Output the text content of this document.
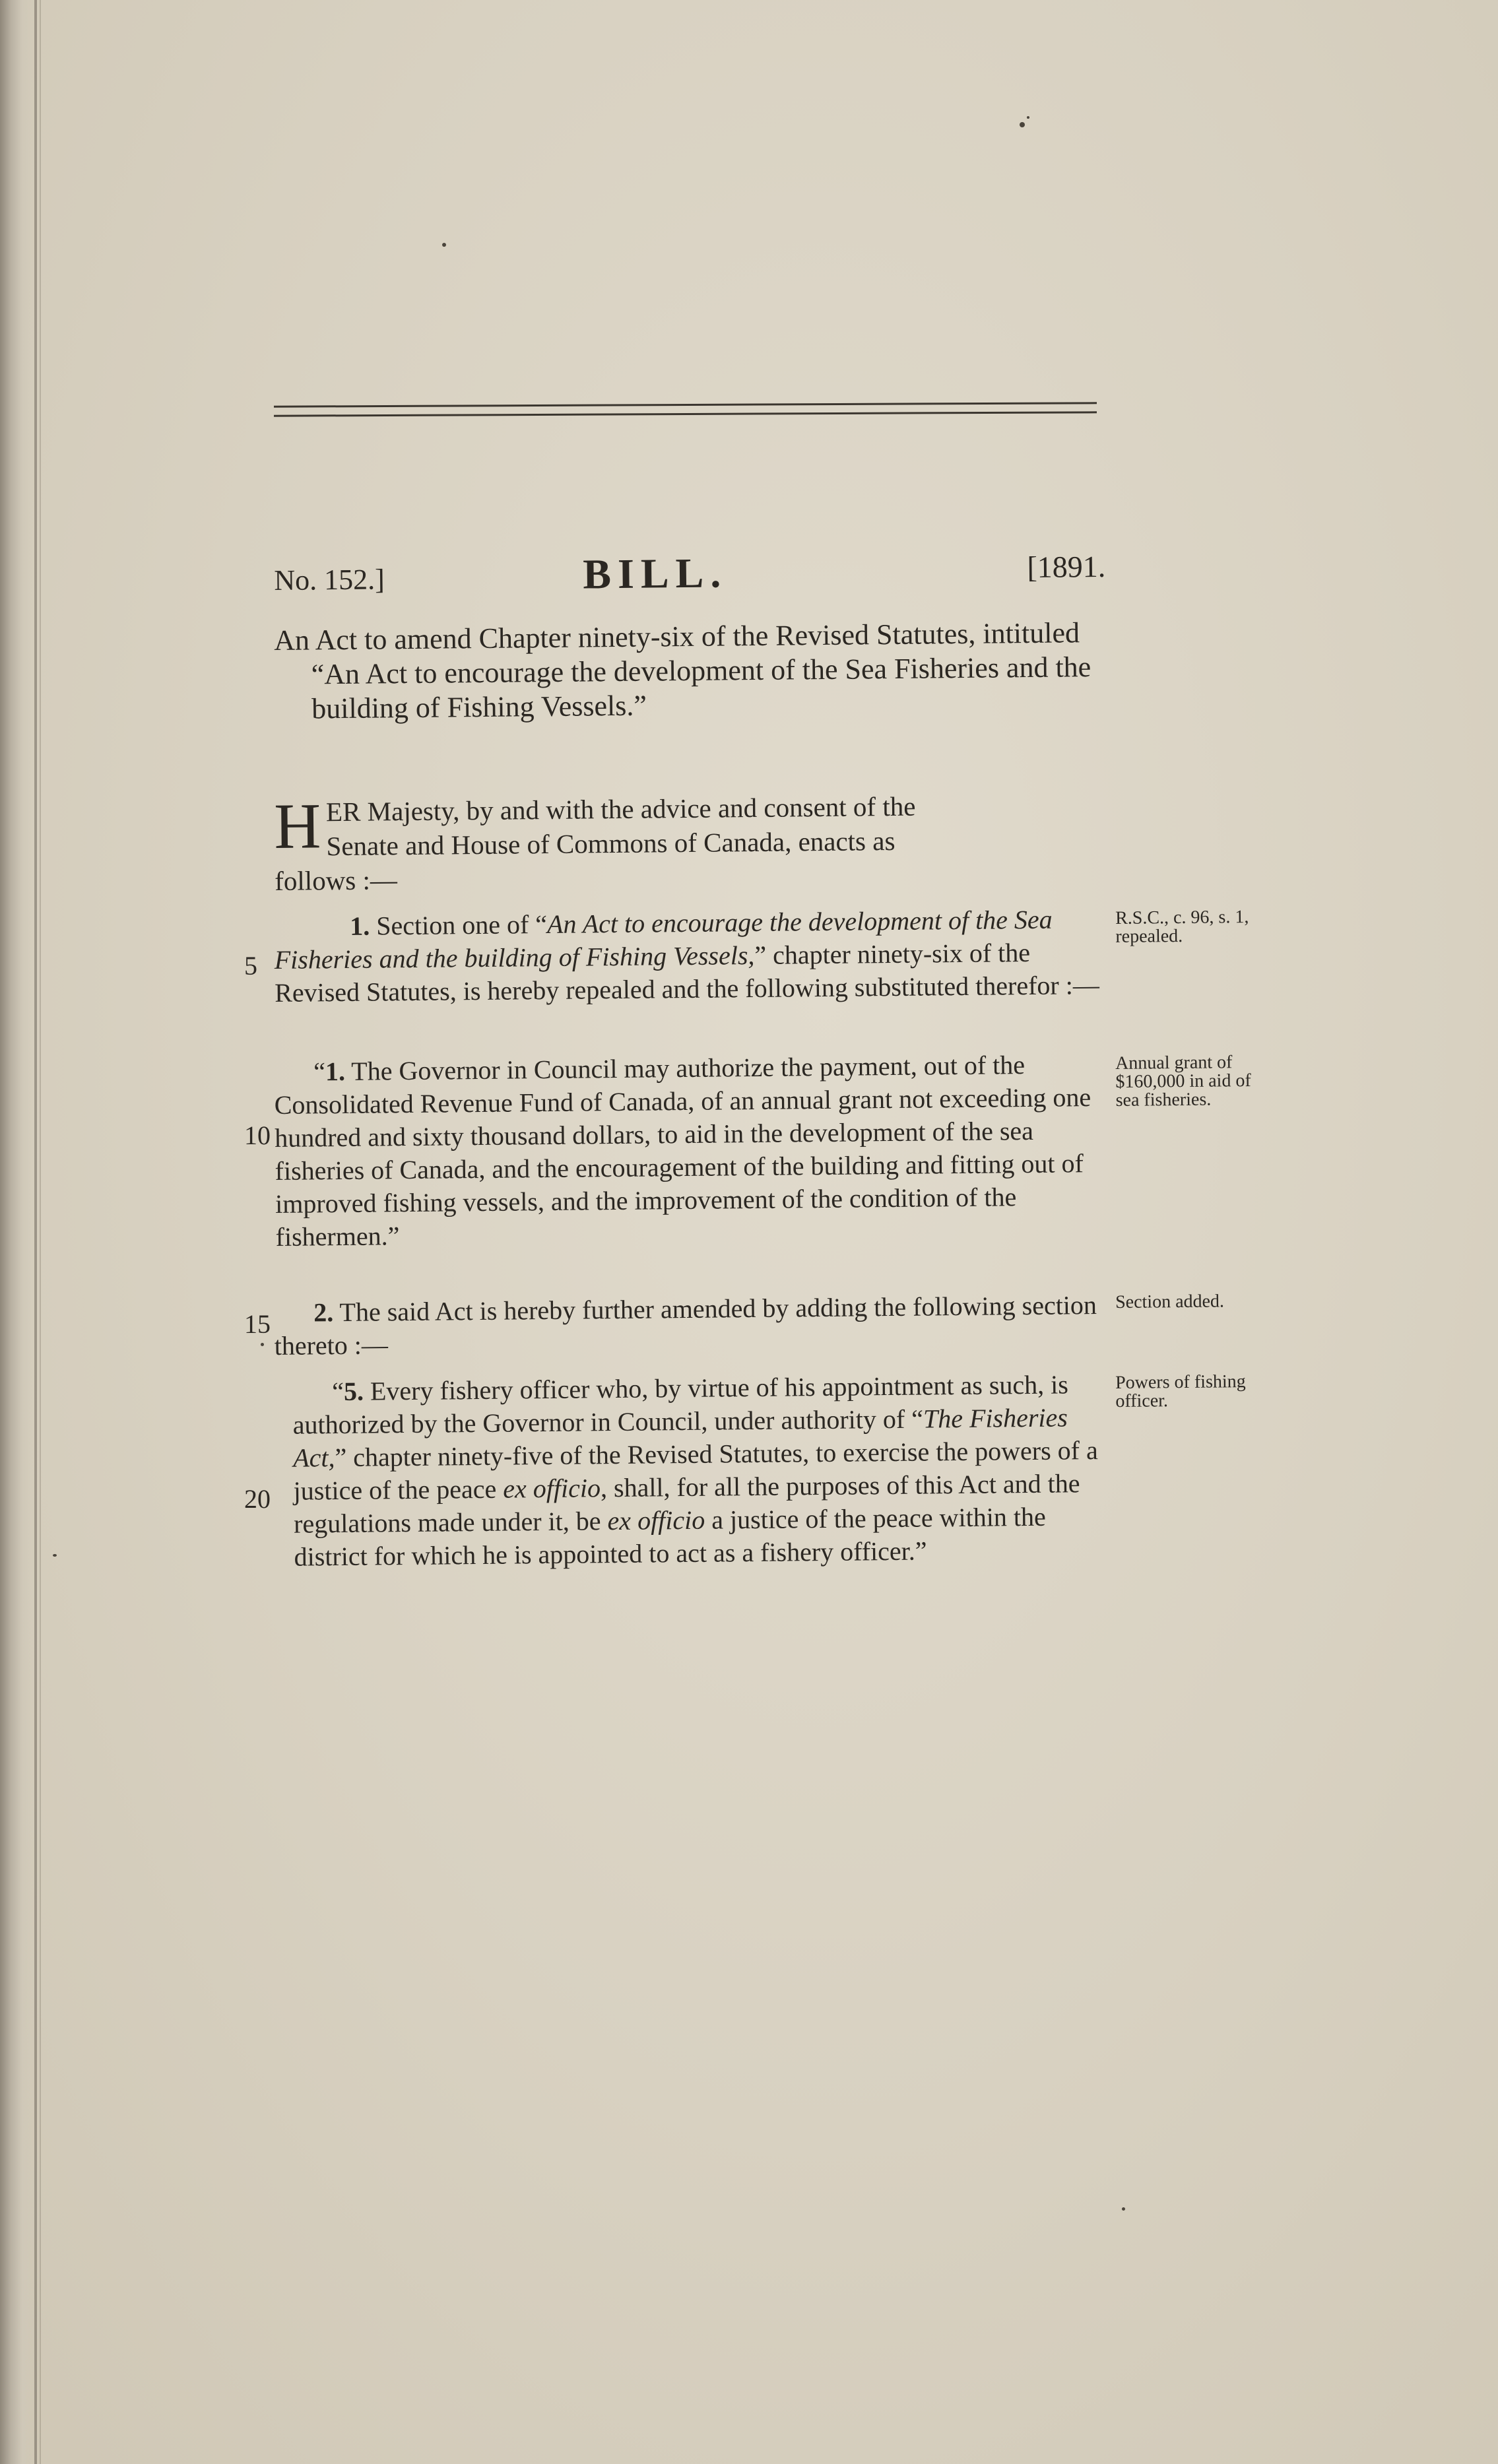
No. 152.]	BILL.	[1891.
An Act to amend Chapter ninety-six of the Revised Statutes, intituled “An Act to encourage the development of the Sea Fisheries and the building of Fishing Vessels.”
H ER Majesty, by and with the advice and consent of the
Senate and House of Commons of Canada, enacts as
follows :—
1. Section one of “An Act to encourage the development of the Sea Fisheries and the building of Fishing Vessels,” chapter ninety-six of the Revised Statutes, is hereby repealed and the following substituted therefor :—
“1. The Governor in Council may authorize the payment, out of the Consolidated Revenue Fund of Canada, of an annual grant not exceeding one hundred and sixty thousand dollars, to aid in the development of the sea fisheries of Canada, and the encouragement of the building and fitting out of improved fishing vessels, and the improvement of the condition of the fishermen.”
2. The said Act is hereby further amended by adding the following section thereto :—
“5. Every fishery officer who, by virtue of his appointment as such, is authorized by the Governor in Council, under authority of “The Fisheries Act,” chapter ninety-five of the Revised Statutes, to exercise the powers of a justice of the peace ex officio, shall, for all the purposes of this Act and the regulations made under it, be ex officio a justice of the peace within the district for which he is appointed to act as a fishery officer.”
R.S.C., c. 96, s. 1, repealed.
Annual grant of $160,000 in aid of sea fisheries.
Section added.
Powers of fishing officer.
5
10
15
20
